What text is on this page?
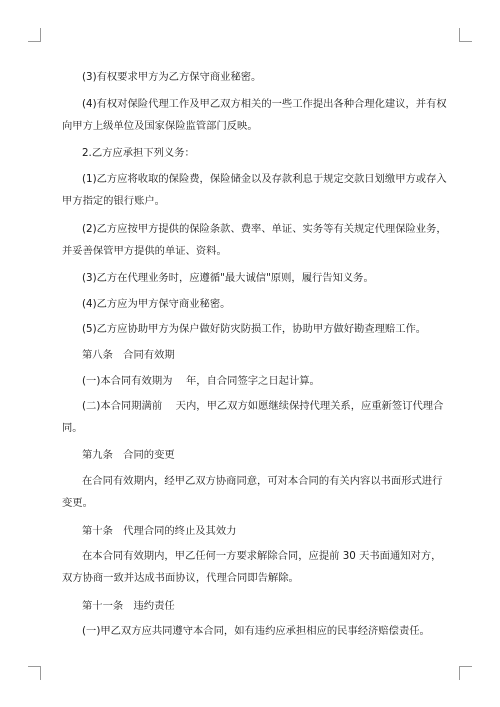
(3)有权要求甲方为乙方保守商业秘密。
(4)有权对保险代理工作及甲乙双方相关的一些工作提出各种合理化建议，并有权
向甲方上级单位及国家保险监管部门反映。
2.乙方应承担下列义务：
(1)乙方应将收取的保险费，保险储金以及存款利息于规定交款日划缴甲方或存入
甲方指定的银行账户。
(2)乙方应按甲方提供的保险条款、费率、单证、实务等有关规定代理保险业务，
并妥善保管甲方提供的单证、资料。
(3)乙方在代理业务时，应遵循"最大诚信"原则，履行告知义务。
(4)乙方应为甲方保守商业秘密。
(5)乙方应协助甲方为保户做好防灾防损工作，协助甲方做好勘查理赔工作。
第八条　合同有效期
(一)本合同有效期为　 年，自合同签字之日起计算。
(二)本合同期满前　 天内，甲乙双方如愿继续保持代理关系，应重新签订代理合
同。
第九条　合同的变更
在合同有效期内，经甲乙双方协商同意，可对本合同的有关内容以书面形式进行
变更。
第十条　代理合同的终止及其效力
在本合同有效期内，甲乙任何一方要求解除合同，应提前 30 天书面通知对方，
双方协商一致并达成书面协议，代理合同即告解除。
第十一条　违约责任
(一)甲乙双方应共同遵守本合同，如有违约应承担相应的民事经济赔偿责任。
